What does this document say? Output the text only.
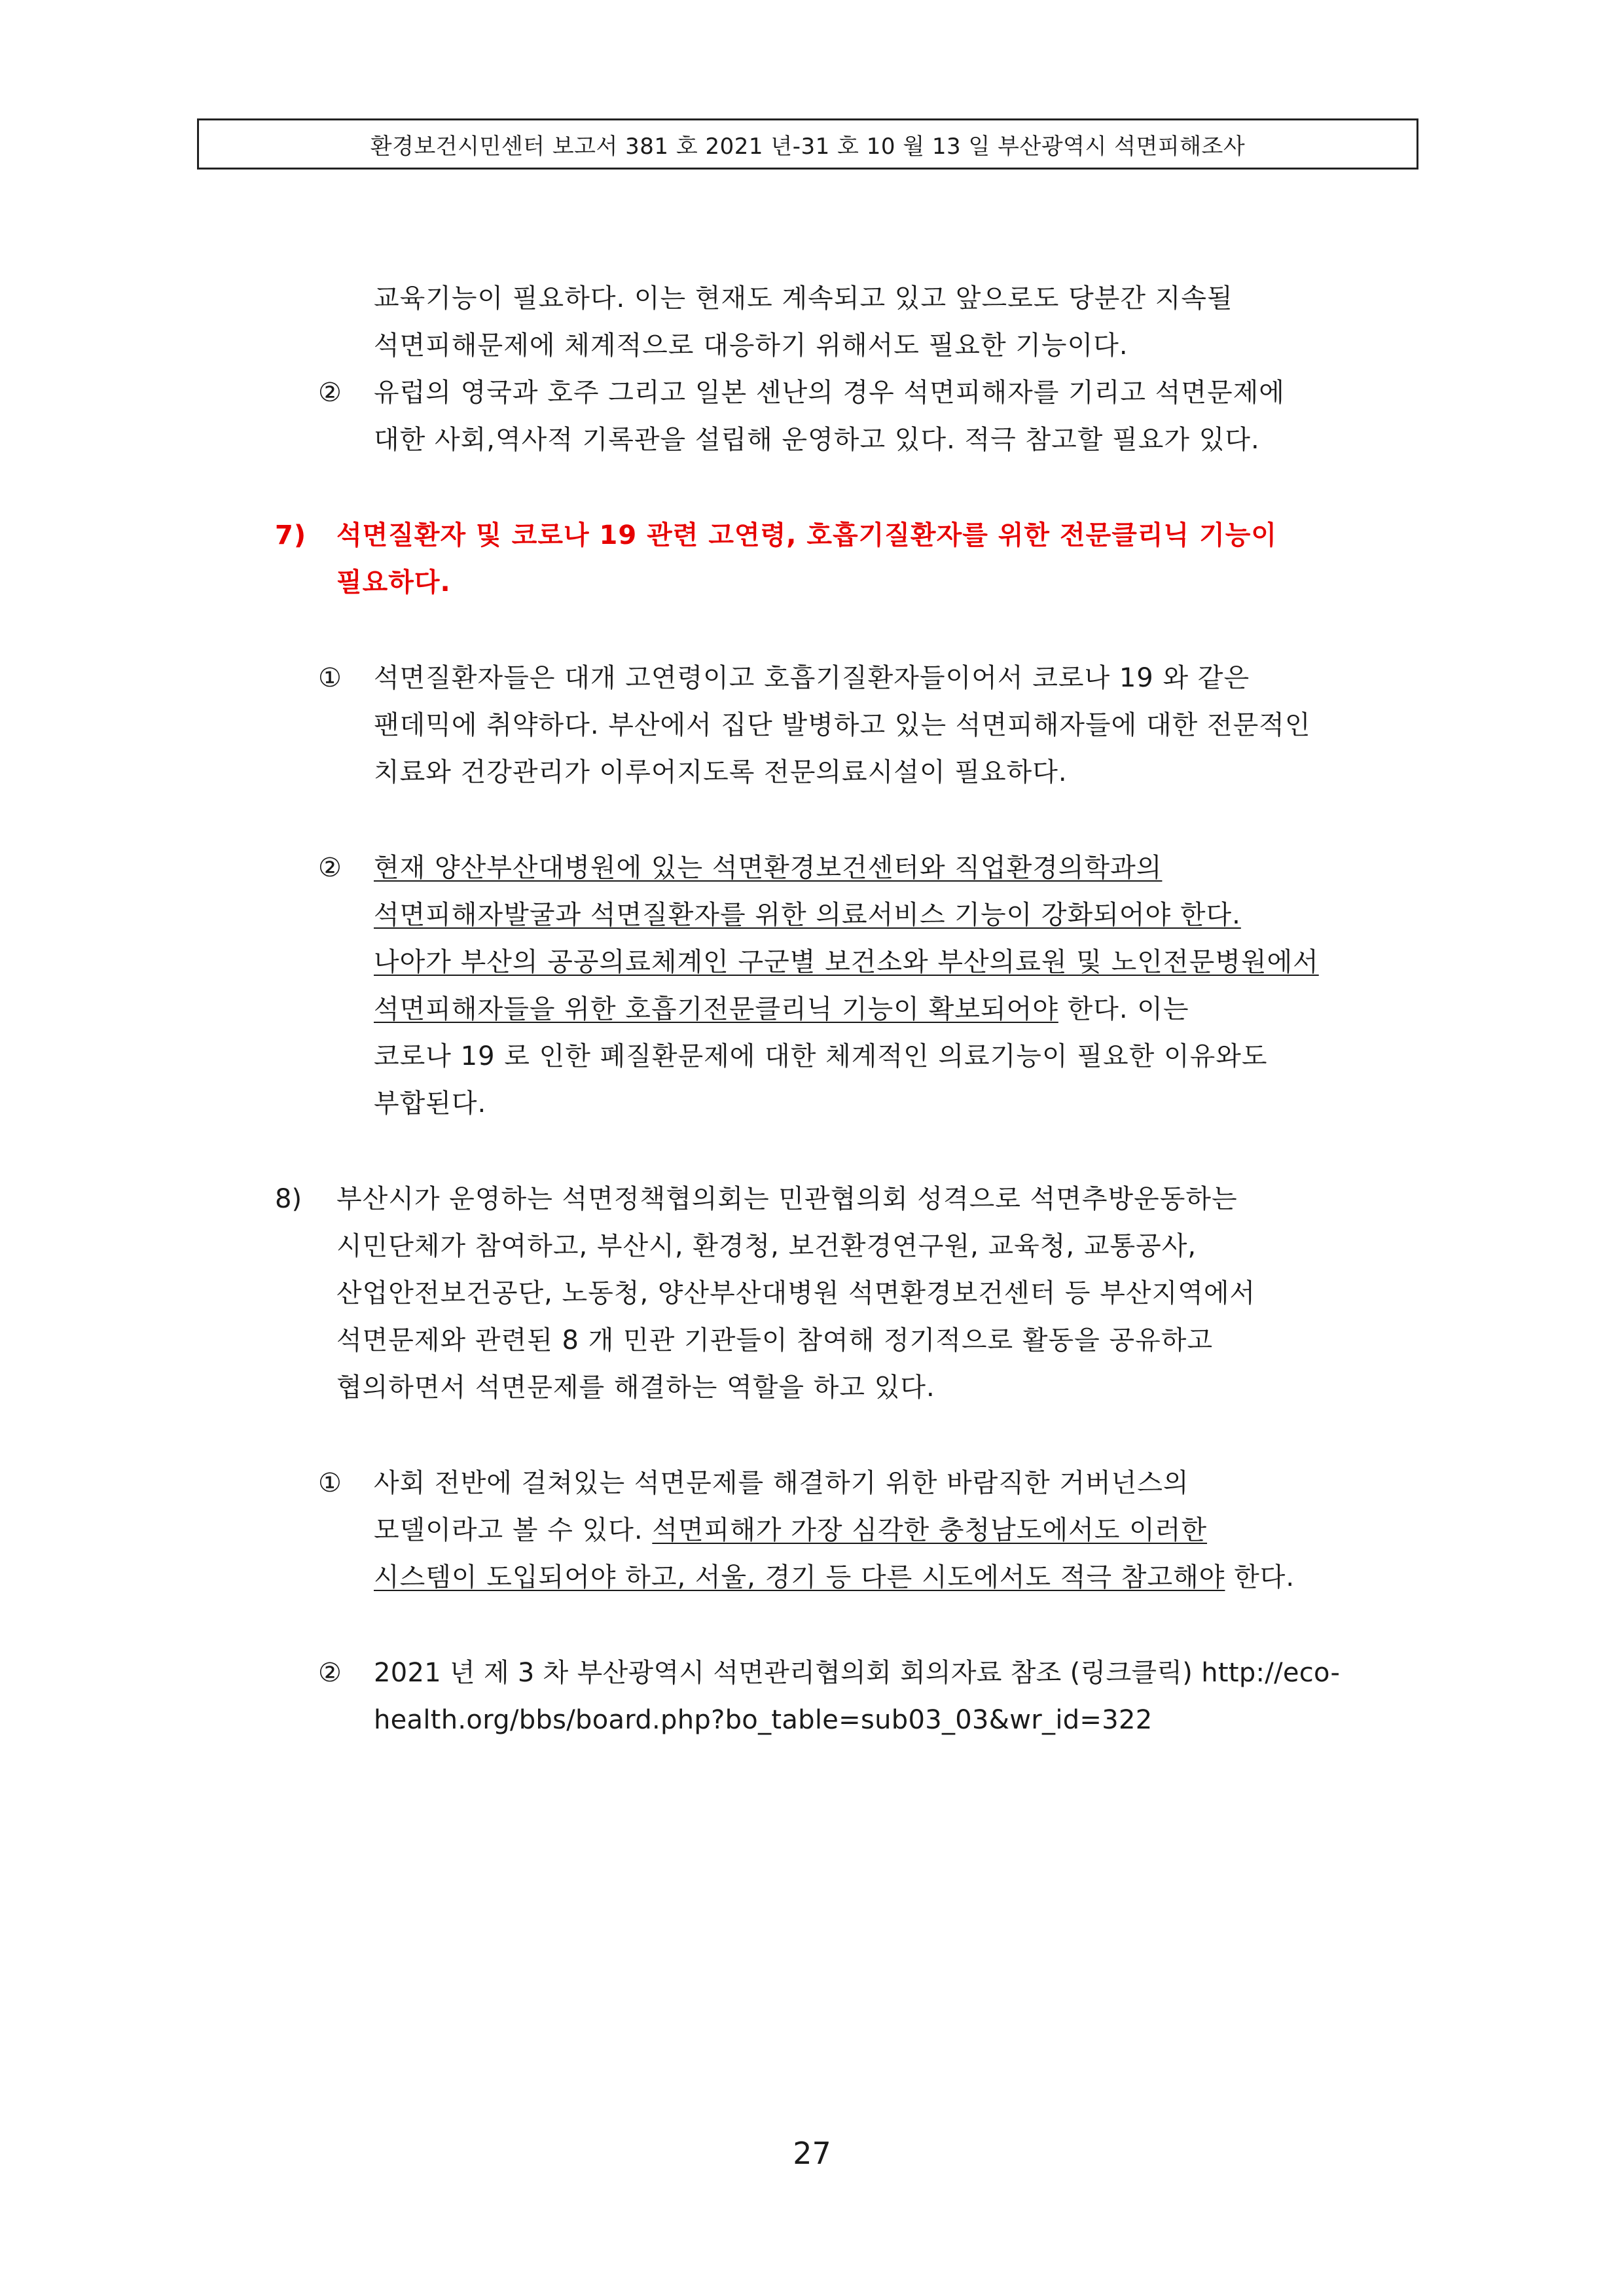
환경보건시민센터 보고서 381 호 2021 년-31 호 10 월 13 일 부산광역시 석면피해조사
교육기능이 필요하다. 이는 현재도 계속되고 있고 앞으로도 당분간 지속될
석면피해문제에 체계적으로 대응하기 위해서도 필요한 기능이다.
② 유럽의 영국과 호주 그리고 일본 센난의 경우 석면피해자를 기리고 석면문제에
대한 사회,역사적 기록관을 설립해 운영하고 있다. 적극 참고할 필요가 있다.
7) 석면질환자 및 코로나 19 관련 고연령, 호흡기질환자를 위한 전문클리닉 기능이
필요하다.
① 석면질환자들은 대개 고연령이고 호흡기질환자들이어서 코로나 19 와 같은
팬데믹에 취약하다. 부산에서 집단 발병하고 있는 석면피해자들에 대한 전문적인
치료와 건강관리가 이루어지도록 전문의료시설이 필요하다.
② 현재 양산부산대병원에 있는 석면환경보건센터와 직업환경의학과의
석면피해자발굴과 석면질환자를 위한 의료서비스 기능이 강화되어야 한다.
나아가 부산의 공공의료체계인 구군별 보건소와 부산의료원 및 노인전문병원에서
석면피해자들을 위한 호흡기전문클리닉 기능이 확보되어야 한다. 이는
코로나 19 로 인한 폐질환문제에 대한 체계적인 의료기능이 필요한 이유와도
부합된다.
8) 부산시가 운영하는 석면정책협의회는 민관협의회 성격으로 석면추방운동하는
시민단체가 참여하고, 부산시, 환경청, 보건환경연구원, 교육청, 교통공사,
산업안전보건공단, 노동청, 양산부산대병원 석면환경보건센터 등 부산지역에서
석면문제와 관련된 8 개 민관 기관들이 참여해 정기적으로 활동을 공유하고
협의하면서 석면문제를 해결하는 역할을 하고 있다.
① 사회 전반에 걸쳐있는 석면문제를 해결하기 위한 바람직한 거버넌스의
모델이라고 볼 수 있다. 석면피해가 가장 심각한 충청남도에서도 이러한
시스템이 도입되어야 하고, 서울, 경기 등 다른 시도에서도 적극 참고해야 한다.
② 2021 년 제 3 차 부산광역시 석면관리협의회 회의자료 참조 (링크클릭) http://eco-
health.org/bbs/board.php?bo_table=sub03_03&wr_id=322
27
